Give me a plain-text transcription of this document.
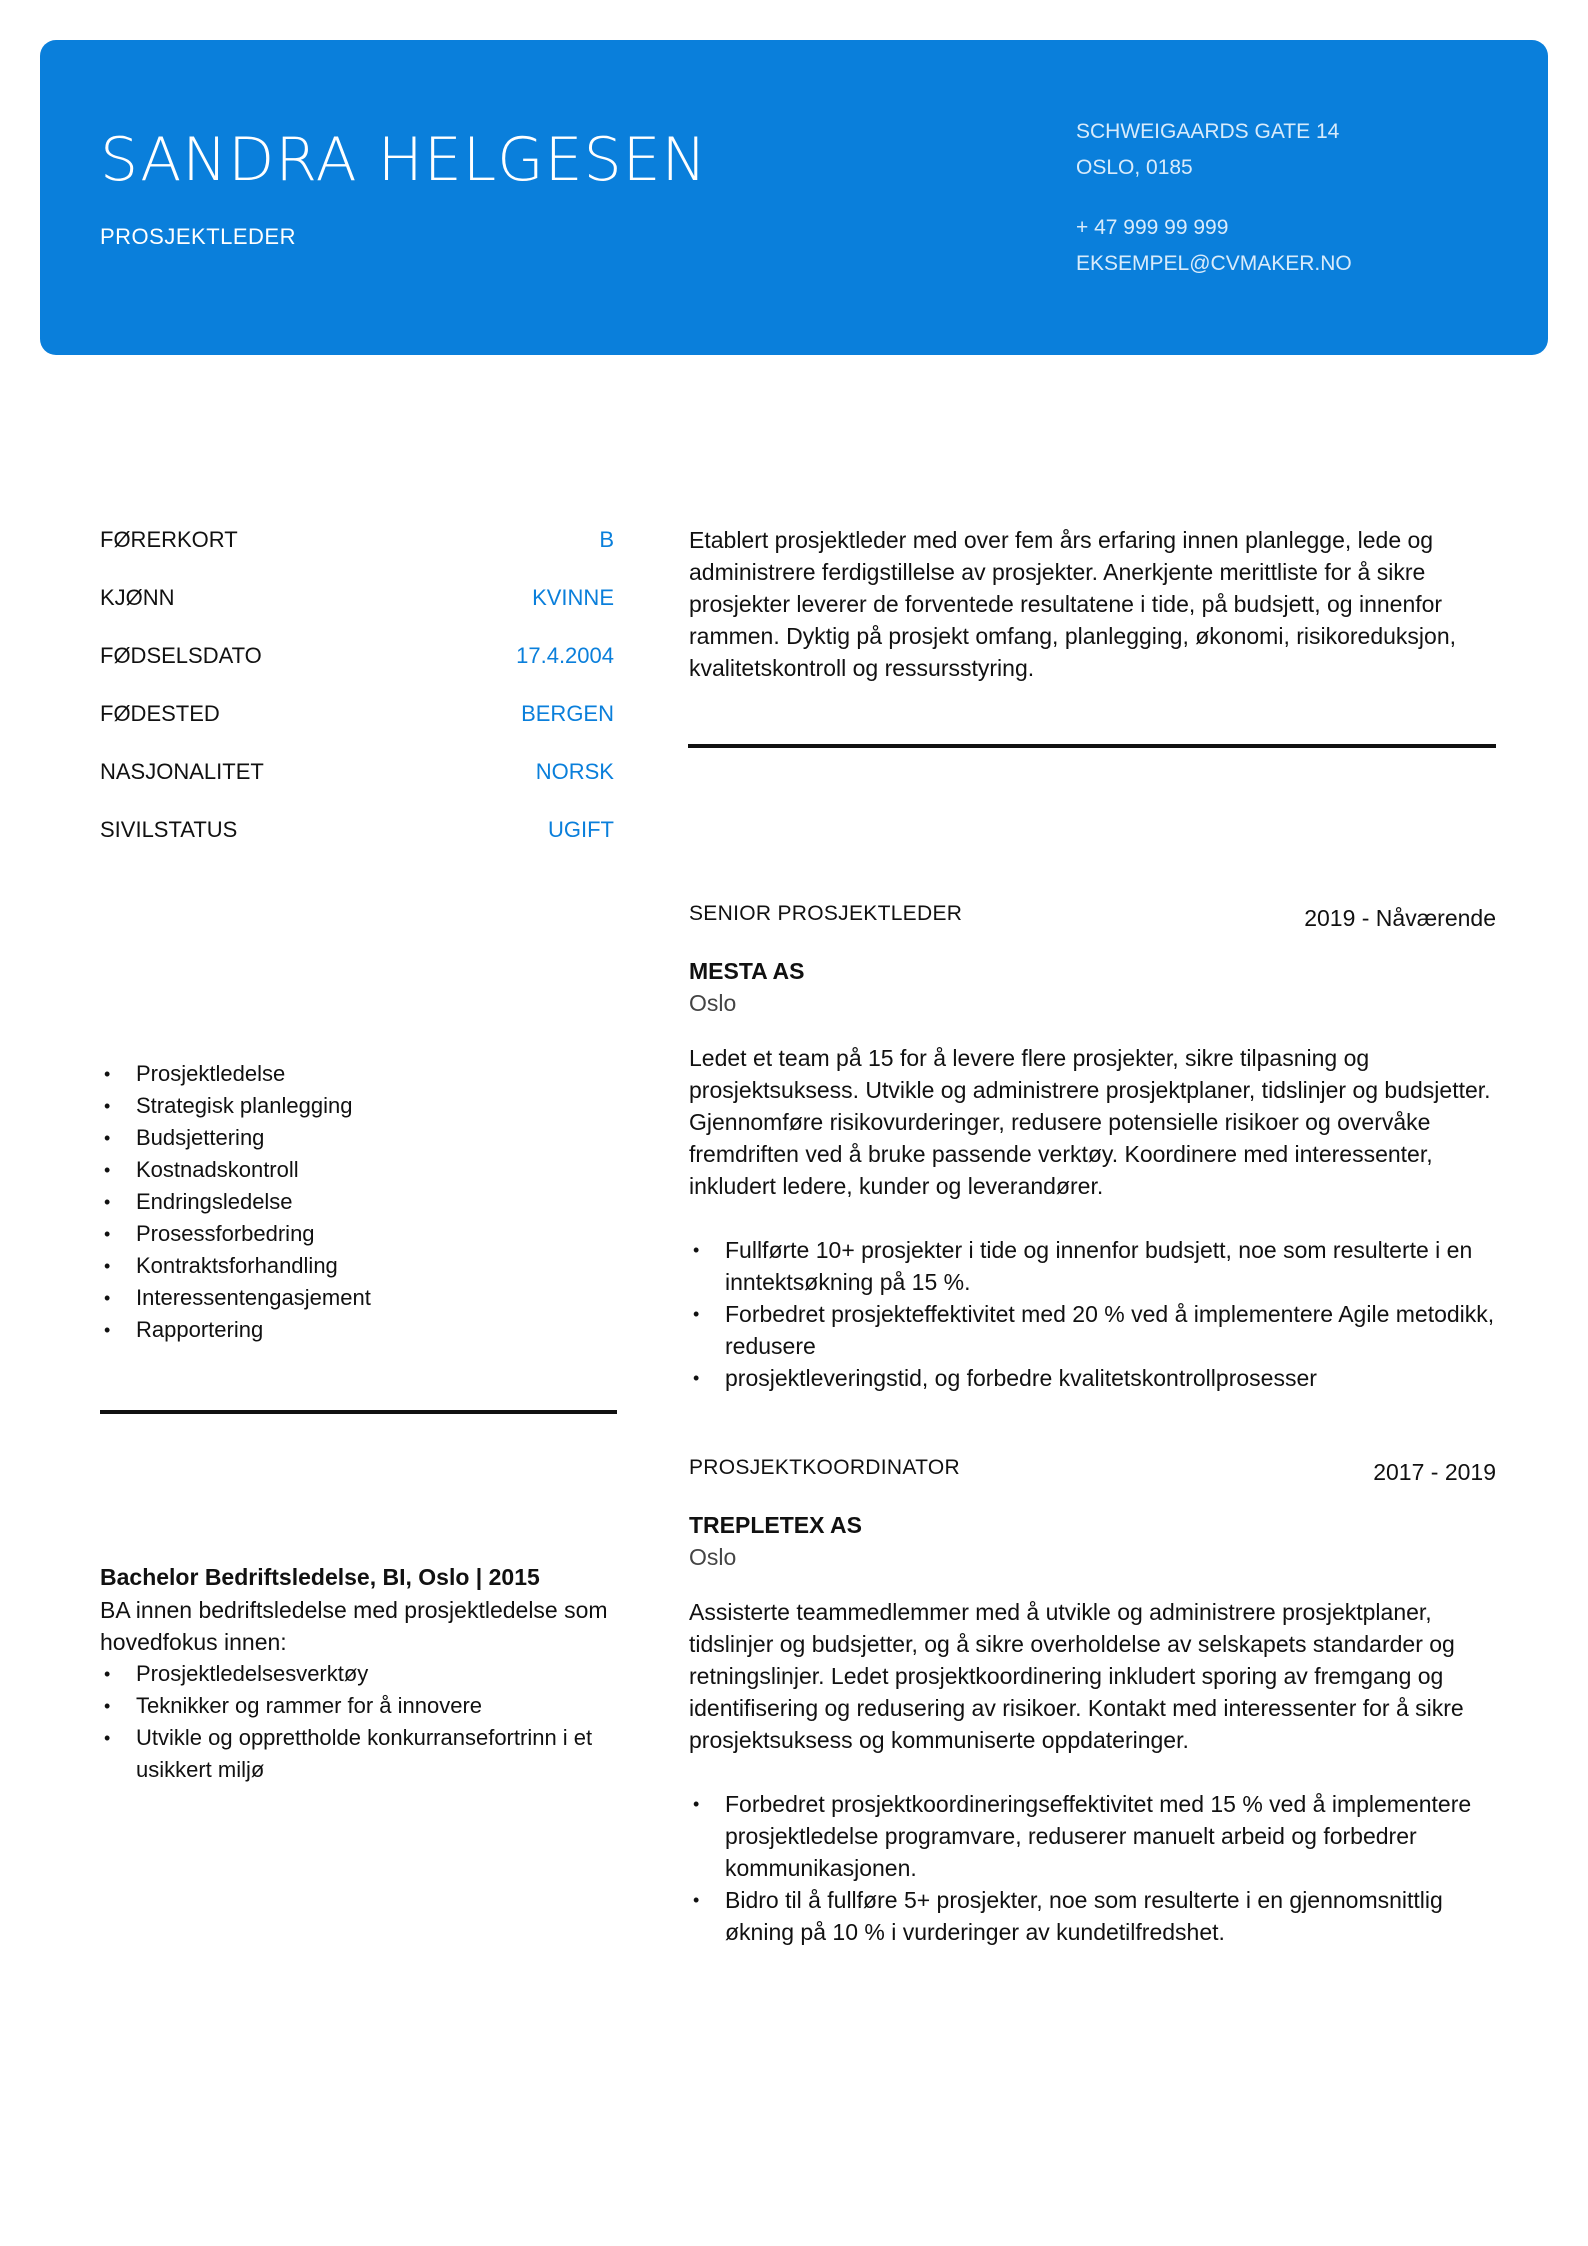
SANDRA HELGESEN
PROSJEKTLEDER
SCHWEIGAARDS GATE 14
OSLO, 0185
+ 47 999 99 999
EKSEMPEL@CVMAKER.NO
YTTERLIGERE INFORMASJON
FØRERKORT	B
KJØNN	KVINNE
FØDSELSDATO	17.4.2004
FØDESTED	BERGEN
NASJONALITET	NORSK
SIVILSTATUS	UGIFT
FERDIGHETER
• Prosjektledelse
• Strategisk planlegging
• Budsjettering
• Kostnadskontroll
• Endringsledelse
• Prosessforbedring
• Kontraktsforhandling
• Interessentengasjement
• Rapportering
UTDANNELSE
Bachelor Bedriftsledelse, BI, Oslo | 2015
BA innen bedriftsledelse med prosjektledelse som hovedfokus innen:
• Prosjektledelsesverktøy
• Teknikker og rammer for å innovere
• Utvikle og opprettholde konkurransefortrinn i et usikkert miljø
PROFIL
Etablert prosjektleder med over fem års erfaring innen planlegge, lede og administrere ferdigstillelse av prosjekter. Anerkjente merittliste for å sikre prosjekter leverer de forventede resultatene i tide, på budsjett, og innenfor rammen. Dyktig på prosjekt omfang, planlegging, økonomi, risikoreduksjon, kvalitetskontroll og ressursstyring.
ARBEIDSERFARING
SENIOR PROSJEKTLEDER	2019 - Nåværende
MESTA AS
Oslo
Ledet et team på 15 for å levere flere prosjekter, sikre tilpasning og prosjektsuksess. Utvikle og administrere prosjektplaner, tidslinjer og budsjetter. Gjennomføre risikovurderinger, redusere potensielle risikoer og overvåke fremdriften ved å bruke passende verktøy. Koordinere med interessenter, inkludert ledere, kunder og leverandører.
• Fullførte 10+ prosjekter i tide og innenfor budsjett, noe som resulterte i en inntektsøkning på 15 %.
• Forbedret prosjekteffektivitet med 20 % ved å implementere Agile metodikk, redusere
• prosjektleveringstid, og forbedre kvalitetskontrollprosesser
PROSJEKTKOORDINATOR	2017 - 2019
TREPLETEX AS
Oslo
Assisterte teammedlemmer med å utvikle og administrere prosjektplaner, tidslinjer og budsjetter, og å sikre overholdelse av selskapets standarder og retningslinjer. Ledet prosjektkoordinering inkludert sporing av fremgang og identifisering og redusering av risikoer. Kontakt med interessenter for å sikre prosjektsuksess og kommuniserte oppdateringer.
• Forbedret prosjektkoordineringseffektivitet med 15 % ved å implementere prosjektledelse programvare, reduserer manuelt arbeid og forbedrer kommunikasjonen.
• Bidro til å fullføre 5+ prosjekter, noe som resulterte i en gjennomsnittlig økning på 10 % i vurderinger av kundetilfredshet.
